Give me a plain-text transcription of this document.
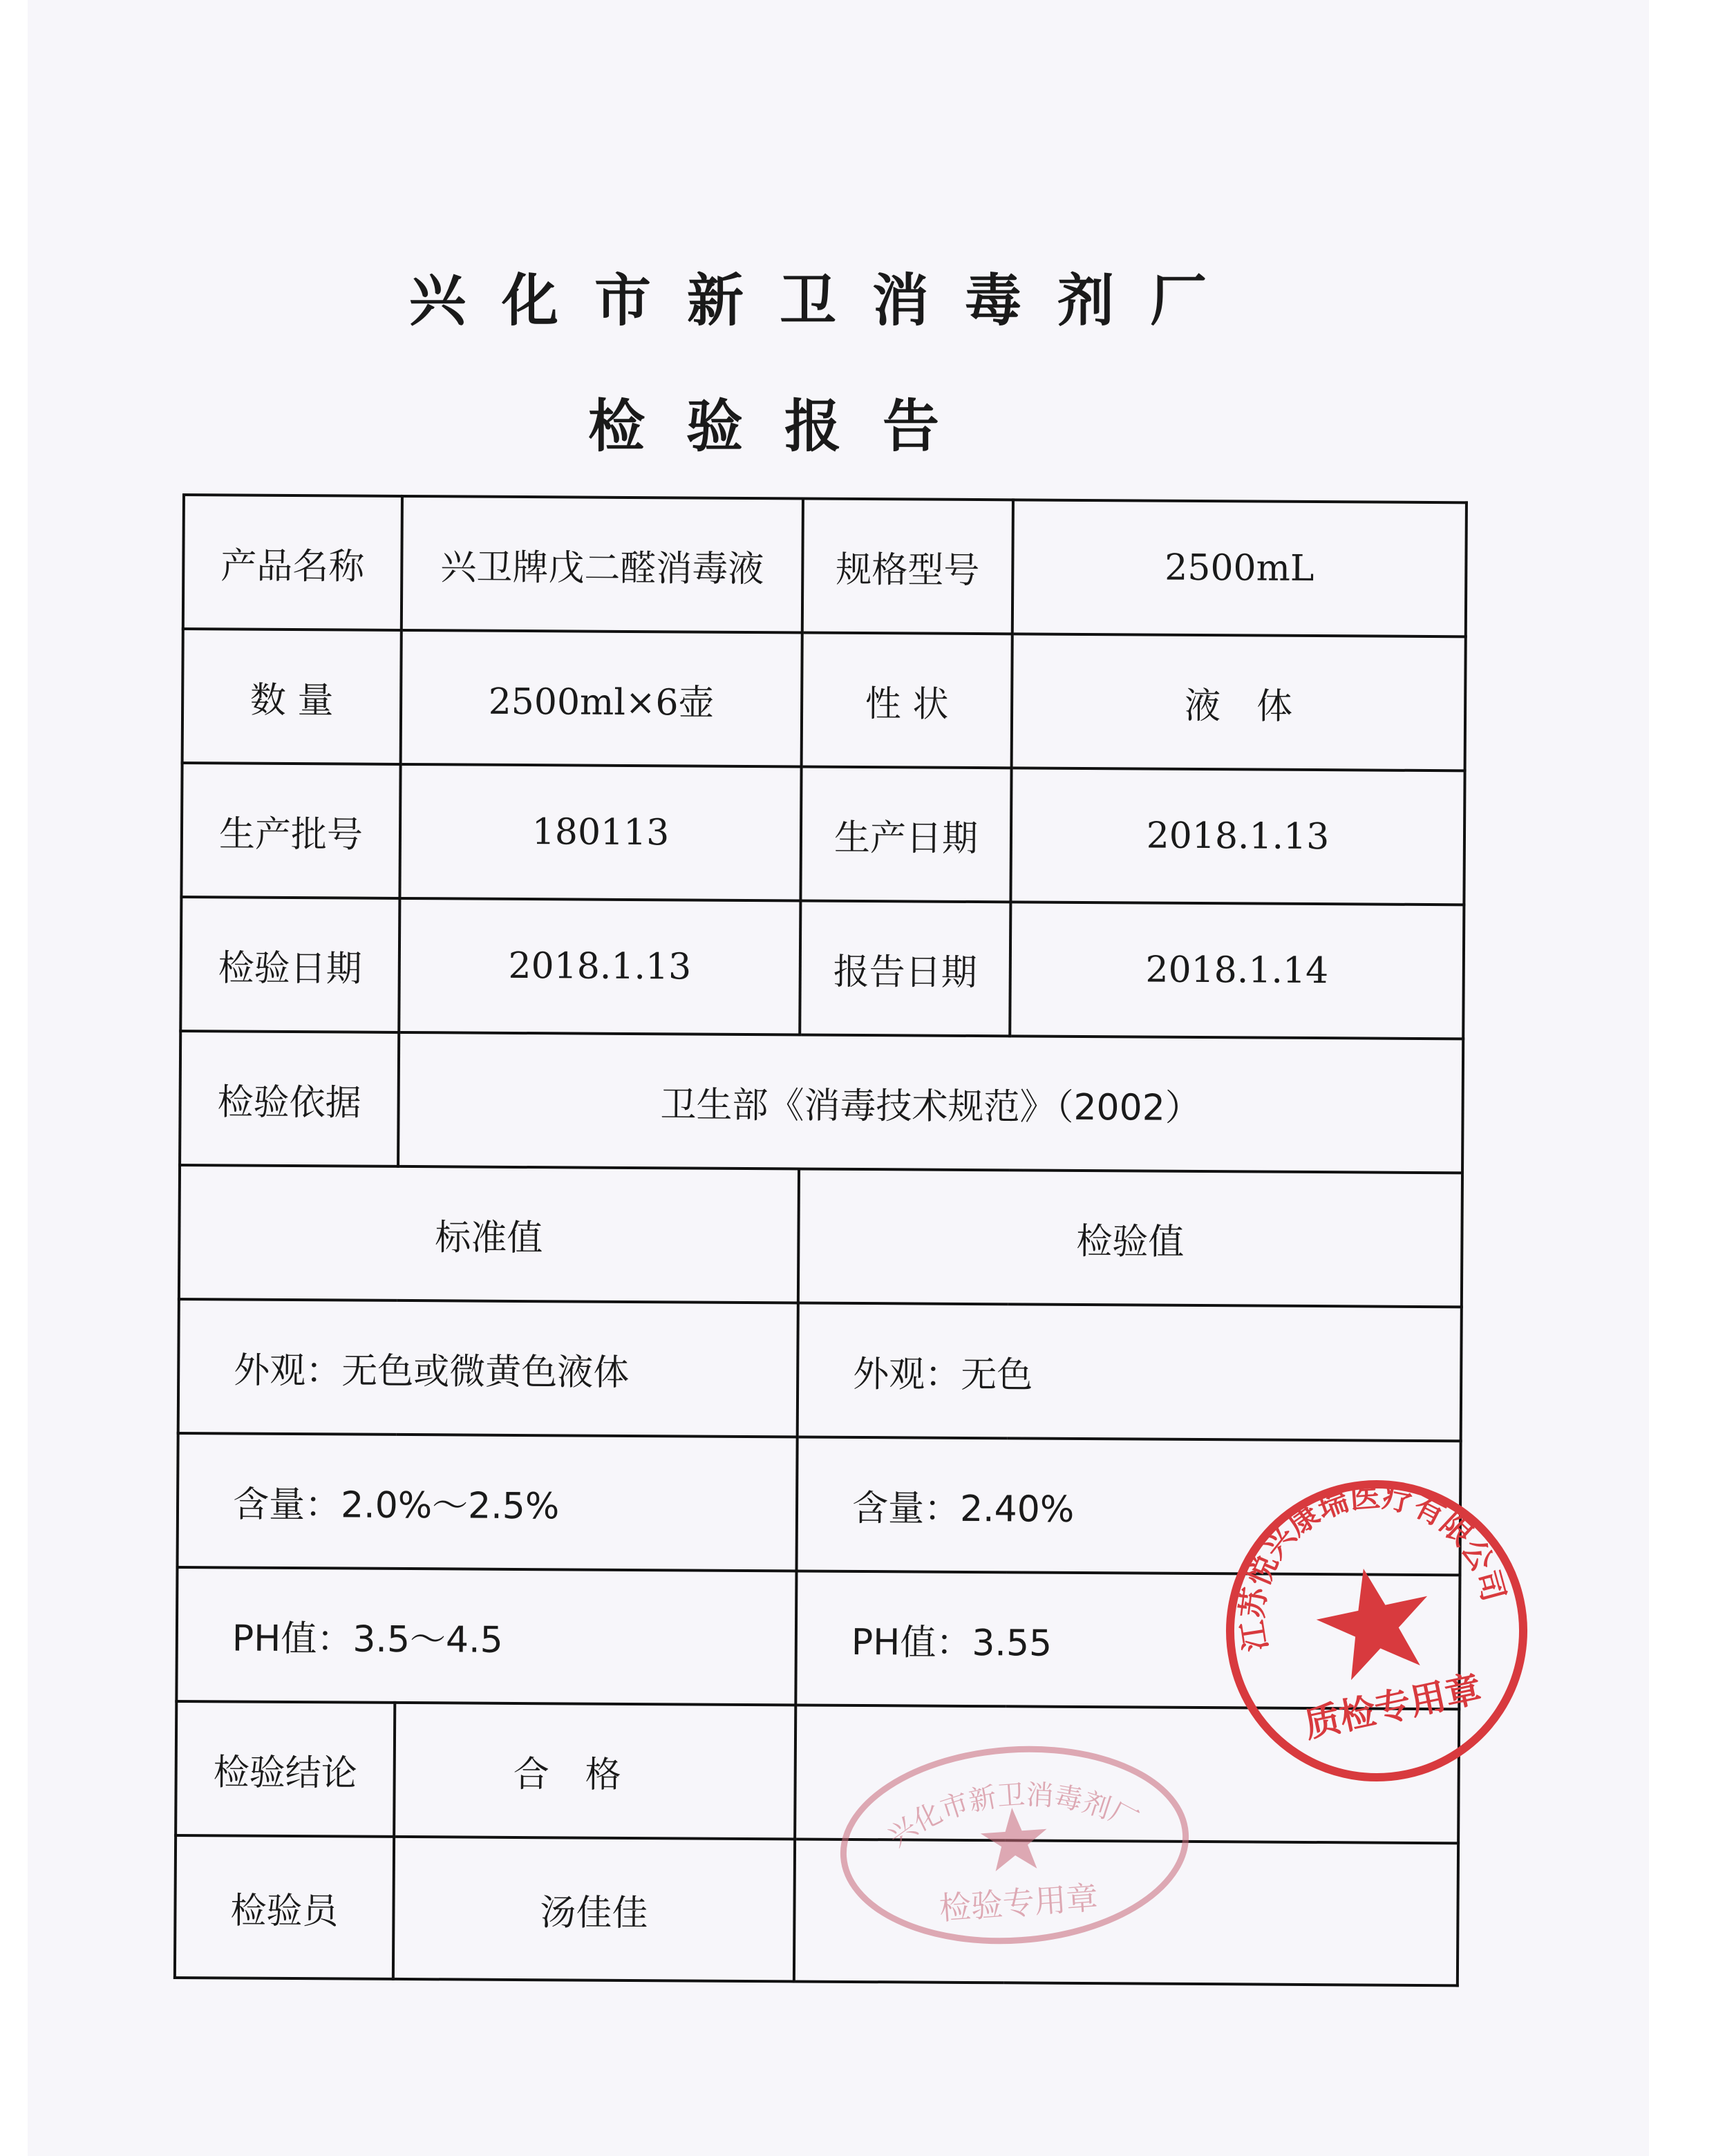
兴化市新卫消毒剂厂
检验报告
产品名称	兴卫牌戊二醛消毒液	规格型号	2500mL
数 量	2500ml×6壶	性 状	液　体
生产批号	180113	生产日期	2018.1.13
检验日期	2018.1.13	报告日期	2018.1.14
检验依据	卫生部《消毒技术规范》（2002）		
标准值		检验值	
外观：无色或微黄色液体		外观：无色	
含量：2.0%～2.5%		含量：2.40%	
PH值：3.5～4.5		PH值：3.55	
检验结论	合　格		
检验员	汤佳佳		
江苏悦兴康瑞医疗有限公司
质检专用章
兴化市新卫消毒剂厂
检验专用章
